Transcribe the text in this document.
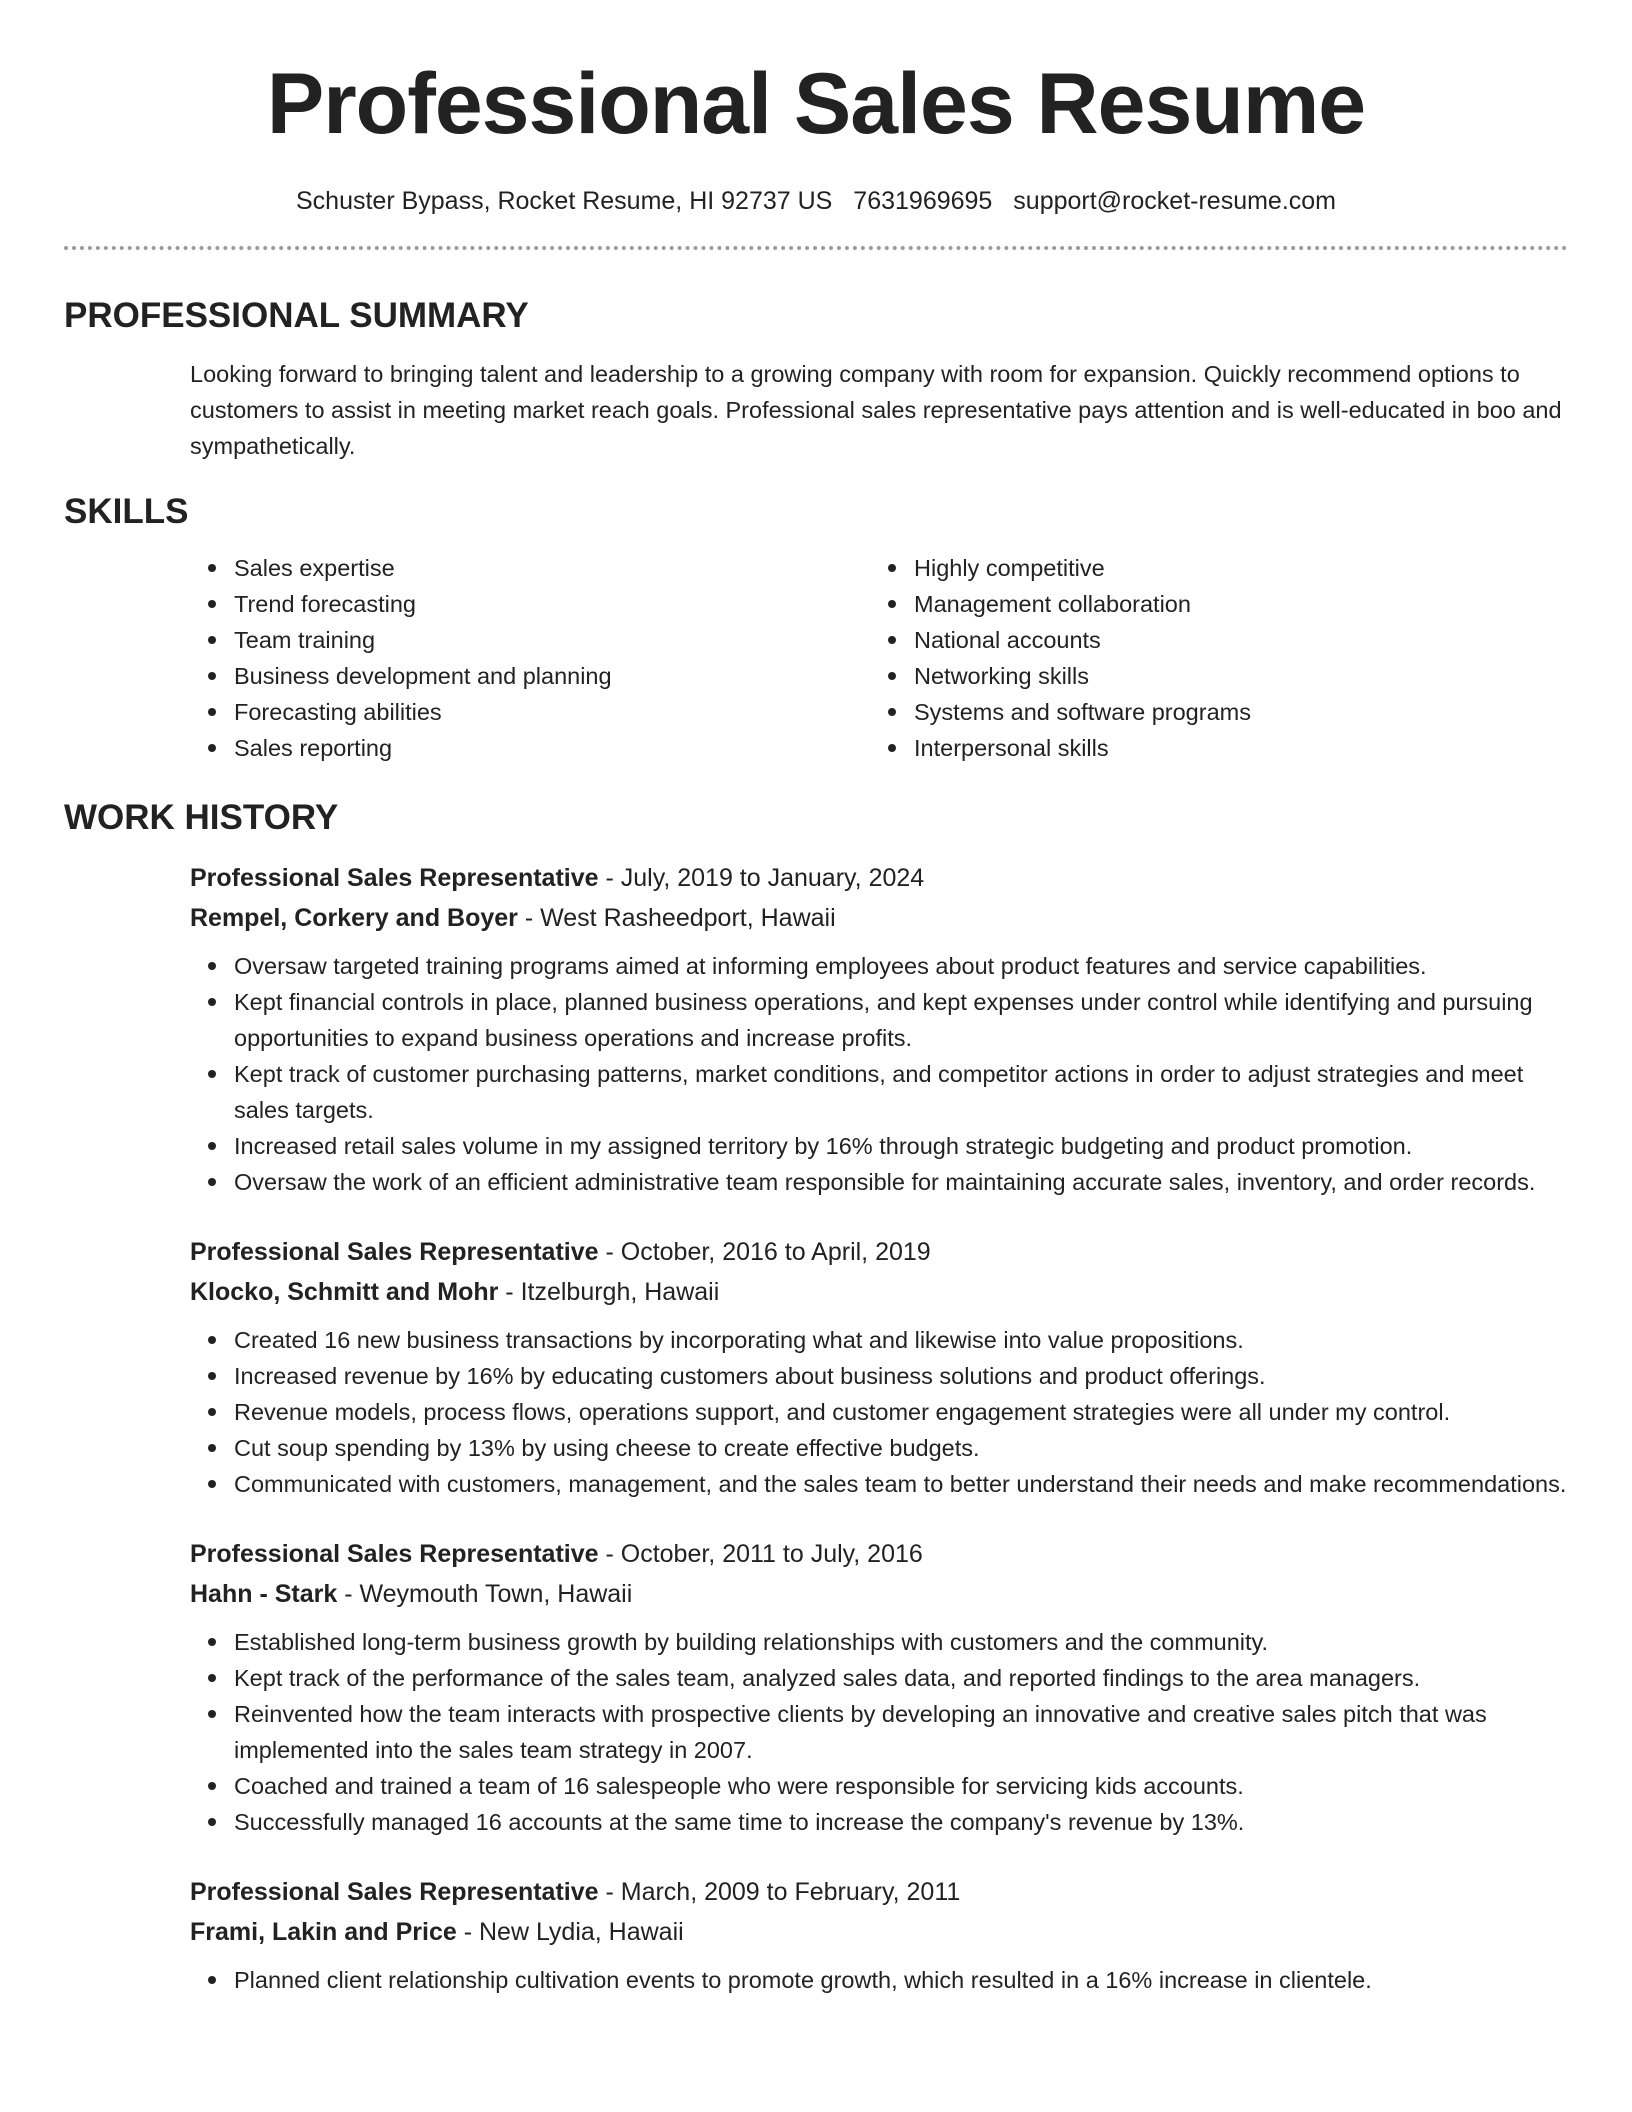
Professional Sales Resume
Schuster Bypass, Rocket Resume, HI 92737 US 7631969695 support@rocket-resume.com
PROFESSIONAL SUMMARY

Looking forward to bringing talent and leadership to a growing company with room for expansion. Quickly recommend options to customers to assist in meeting market reach goals. Professional sales representative pays attention and is well-educated in boo and sympathetically.

SKILLS
Sales expertise
Trend forecasting
Team training
Business development and planning
Forecasting abilities
Sales reporting
Highly competitive
Management collaboration
National accounts
Networking skills
Systems and software programs
Interpersonal skills
WORK HISTORY
Professional Sales Representative - July, 2019 to January, 2024
Rempel, Corkery and Boyer - West Rasheedport, Hawaii
Oversaw targeted training programs aimed at informing employees about product features and service capabilities.
Kept financial controls in place, planned business operations, and kept expenses under control while identifying and pursuing opportunities to expand business operations and increase profits.
Kept track of customer purchasing patterns, market conditions, and competitor actions in order to adjust strategies and meet sales targets.
Increased retail sales volume in my assigned territory by 16% through strategic budgeting and product promotion.
Oversaw the work of an efficient administrative team responsible for maintaining accurate sales, inventory, and order records.
Professional Sales Representative - October, 2016 to April, 2019
Klocko, Schmitt and Mohr - Itzelburgh, Hawaii
Created 16 new business transactions by incorporating what and likewise into value propositions.
Increased revenue by 16% by educating customers about business solutions and product offerings.
Revenue models, process flows, operations support, and customer engagement strategies were all under my control.
Cut soup spending by 13% by using cheese to create effective budgets.
Communicated with customers, management, and the sales team to better understand their needs and make recommendations.
Professional Sales Representative - October, 2011 to July, 2016
Hahn - Stark - Weymouth Town, Hawaii
Established long-term business growth by building relationships with customers and the community.
Kept track of the performance of the sales team, analyzed sales data, and reported findings to the area managers.
Reinvented how the team interacts with prospective clients by developing an innovative and creative sales pitch that was implemented into the sales team strategy in 2007.
Coached and trained a team of 16 salespeople who were responsible for servicing kids accounts.
Successfully managed 16 accounts at the same time to increase the company's revenue by 13%.
Professional Sales Representative - March, 2009 to February, 2011
Frami, Lakin and Price - New Lydia, Hawaii
Planned client relationship cultivation events to promote growth, which resulted in a 16% increase in clientele.
